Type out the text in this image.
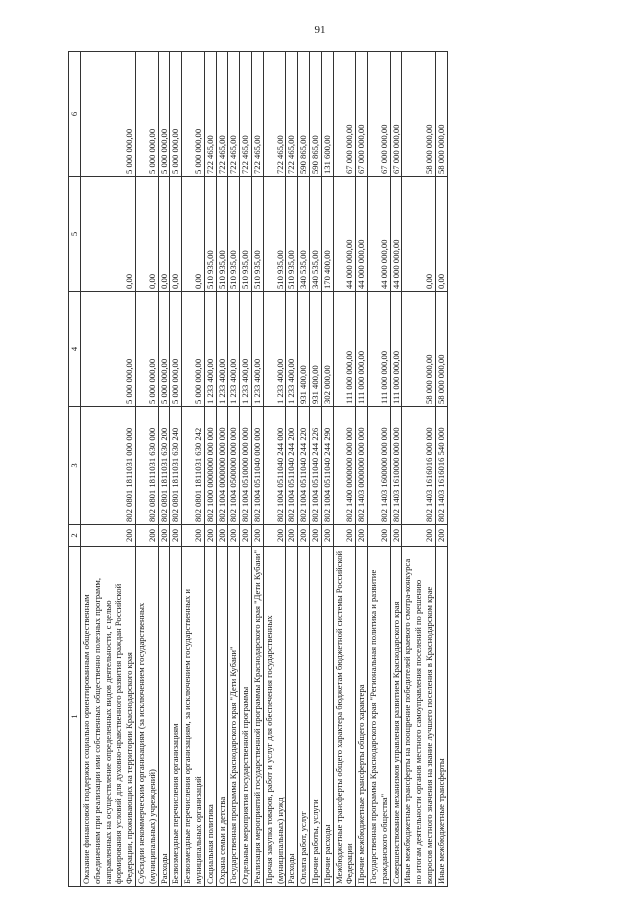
91
1	2	3	4	5	6
Оказание финансовой поддержки социально ориентированным общественным объединениям при реализации ими собственных общественно полезных программ, направленных на осуществление определенных видов деятельности, с целью формирования условий для духовно-нравственного развития граждан Российской Федерации, проживающих на территории Краснодарского края	200	802 0801 1811031 000 000	5 000 000,00	0,00	5 000 000,00
Субсидии некоммерческим организациям (за исключением государственных (муниципальных) учреждений)	200	802 0801 1811031 630 000	5 000 000,00	0,00	5 000 000,00
Расходы	200	802 0801 1811031 630 200	5 000 000,00	0,00	5 000 000,00
Безвозмездные перечисления организациям	200	802 0801 1811031 630 240	5 000 000,00	0,00	5 000 000,00
Безвозмездные перечисления организациям, за исключением государственных и муниципальных организаций	200	802 0801 1811031 630 242	5 000 000,00	0,00	5 000 000,00
Социальная политика	200	802 1000 0000000 000 000	1 233 400,00	510 935,00	722 465,00
Охрана семьи и детства	200	802 1004 0000000 000 000	1 233 400,00	510 935,00	722 465,00
Государственная программа Краснодарского края "Дети Кубани"	200	802 1004 0500000 000 000	1 233 400,00	510 935,00	722 465,00
Отдельные мероприятия государственной программы	200	802 1004 0510000 000 000	1 233 400,00	510 935,00	722 465,00
Реализация мероприятий государственной программы Краснодарского края "Дети Кубани"	200	802 1004 0511040 000 000	1 233 400,00	510 935,00	722 465,00
Прочая закупка товаров, работ и услуг для обеспечения государственных (муниципальных) нужд	200	802 1004 0511040 244 000	1 233 400,00	510 935,00	722 465,00
Расходы	200	802 1004 0511040 244 200	1 233 400,00	510 935,00	722 465,00
Оплата работ, услуг	200	802 1004 0511040 244 220	931 400,00	340 535,00	590 865,00
Прочие работы, услуги	200	802 1004 0511040 244 226	931 400,00	340 535,00	590 865,00
Прочие расходы	200	802 1004 0511040 244 290	302 000,00	170 400,00	131 600,00
Межбюджетные трансферты общего характера бюджетам бюджетной системы Российской Федерации	200	802 1400 0000000 000 000	111 000 000,00	44 000 000,00	67 000 000,00
Прочие межбюджетные трансферты общего характера	200	802 1403 0000000 000 000	111 000 000,00	44 000 000,00	67 000 000,00
Государственная программа Краснодарского края "Региональная политика и развитие гражданского общества"	200	802 1403 1600000 000 000	111 000 000,00	44 000 000,00	67 000 000,00
Совершенствование механизмов управления развитием Краснодарского края	200	802 1403 1610000 000 000	111 000 000,00	44 000 000,00	67 000 000,00
Иные межбюджетные трансферты на поощрение победителей краевого смотра-конкурса по итогам деятельности органов местного самоуправления поселений по решению вопросов местного значения на звание лучшего поселения в Краснодарском крае	200	802 1403 1616016 000 000	58 000 000,00	0,00	58 000 000,00
Иные межбюджетные трансферты	200	802 1403 1616016 540 000	58 000 000,00	0,00	58 000 000,00
